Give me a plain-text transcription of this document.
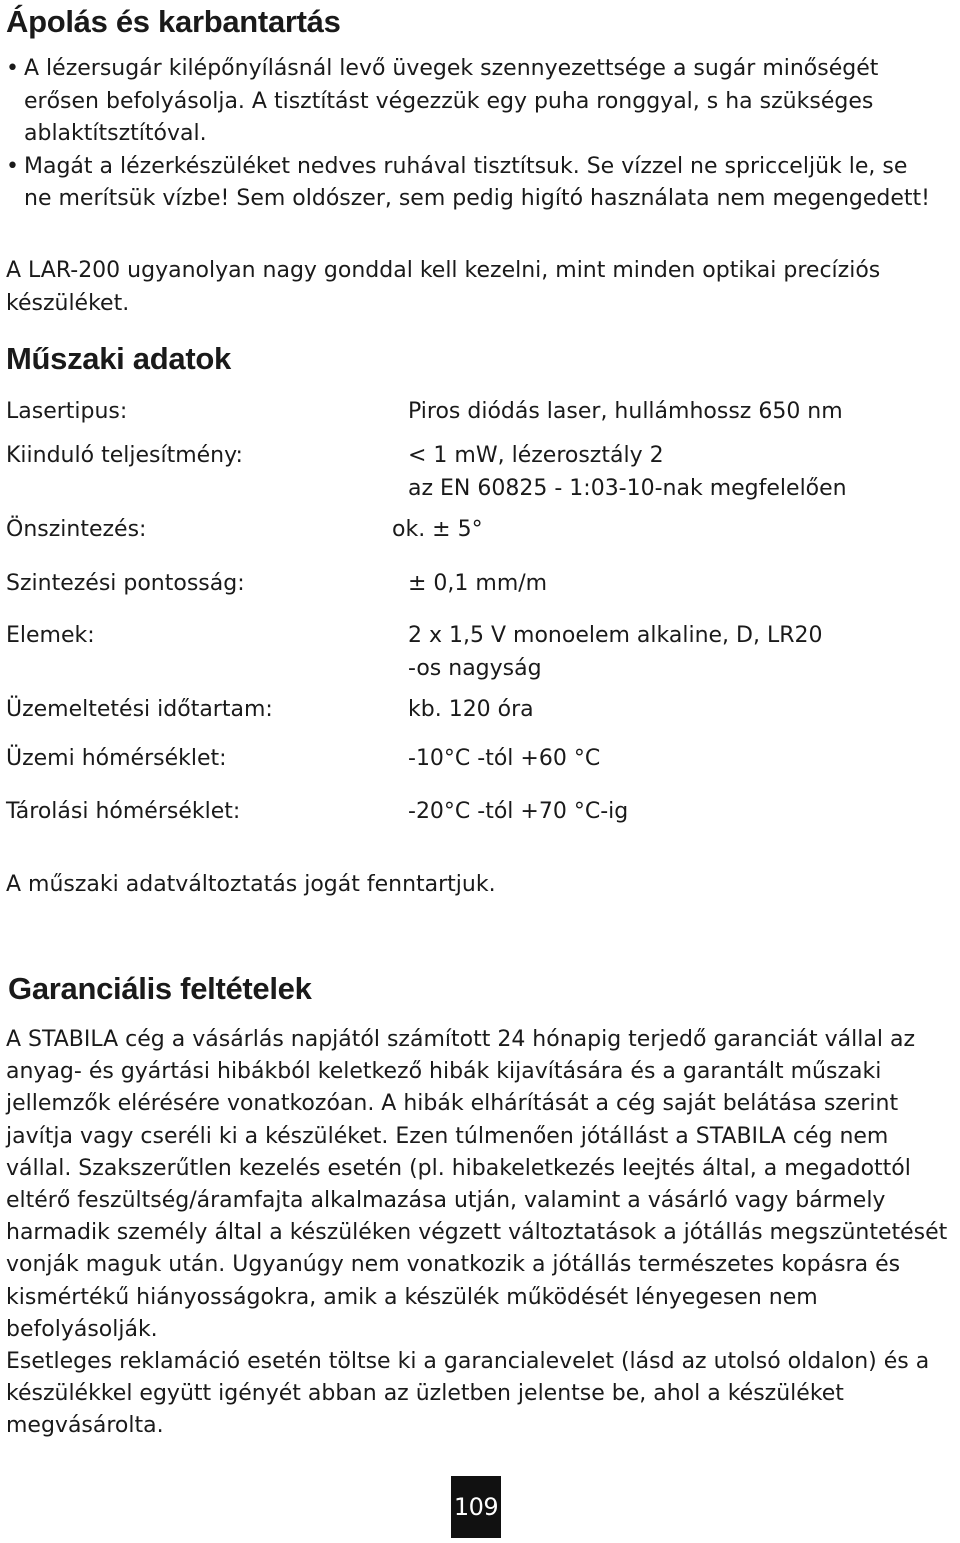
Ápolás és karbantartás
• A lézersugár kilépőnyílásnál levő üvegek szennyezettsége a sugár minőségét erősen befolyásolja. A tisztítást végezzük egy puha ronggyal, s ha szükséges ablaktítsztítóval.
• Magát a lézerkészüléket nedves ruhával tisztítsuk. Se vízzel ne spricceljük le, se ne merítsük vízbe! Sem oldószer, sem pedig higító használata nem megengedett!

A LAR-200 ugyanolyan nagy gonddal kell kezelni, mint minden optikai precíziós készüléket.

Műszaki adatok
Lasertipus:	Piros diódás laser, hullámhossz 650 nm
Kiinduló teljesítmény:	< 1 mW, lézerosztály 2
az EN 60825 - 1:03-10-nak megfelelően
Önszintezés:	ok. ± 5°
Szintezési pontosság:	± 0,1 mm/m
Elemek:	2 x 1,5 V monoelem alkaline, D, LR20
-os nagyság
Üzemeltetési időtartam:	kb. 120 óra
Üzemi hómérséklet:	-10°C -tól +60 °C
Tárolási hómérséklet:	-20°C -tól +70 °C-ig

A műszaki adatváltoztatás jogát fenntartjuk.

Garanciális feltételek

A STABILA cég a vásárlás napjától számított 24 hónapig terjedő garanciát vállal az anyag- és gyártási hibákból keletkező hibák kijavítására és a garantált műszaki jellemzők elérésére vonatkozóan. A hibák elhárítását a cég saját belátása szerint javítja vagy cseréli ki a készüléket. Ezen túlmenően jótállást a STABILA cég nem vállal. Szakszerűtlen kezelés esetén (pl. hibakeletkezés leejtés által, a megadottól eltérő feszültség/áramfajta alkalmazása utján, valamint a vásárló vagy bármely harmadik személy által a készüléken végzett változtatások a jótállás megszüntetését vonják maguk után. Ugyanúgy nem vonatkozik a jótállás természetes kopásra és kismértékű hiányosságokra, amik a készülék működését lényegesen nem befolyásolják.

Esetleges reklamáció esetén töltse ki a garancialevelet (lásd az utolsó oldalon) és a készülékkel együtt igényét abban az üzletben jelentse be, ahol a készüléket megvásárolta.

109
